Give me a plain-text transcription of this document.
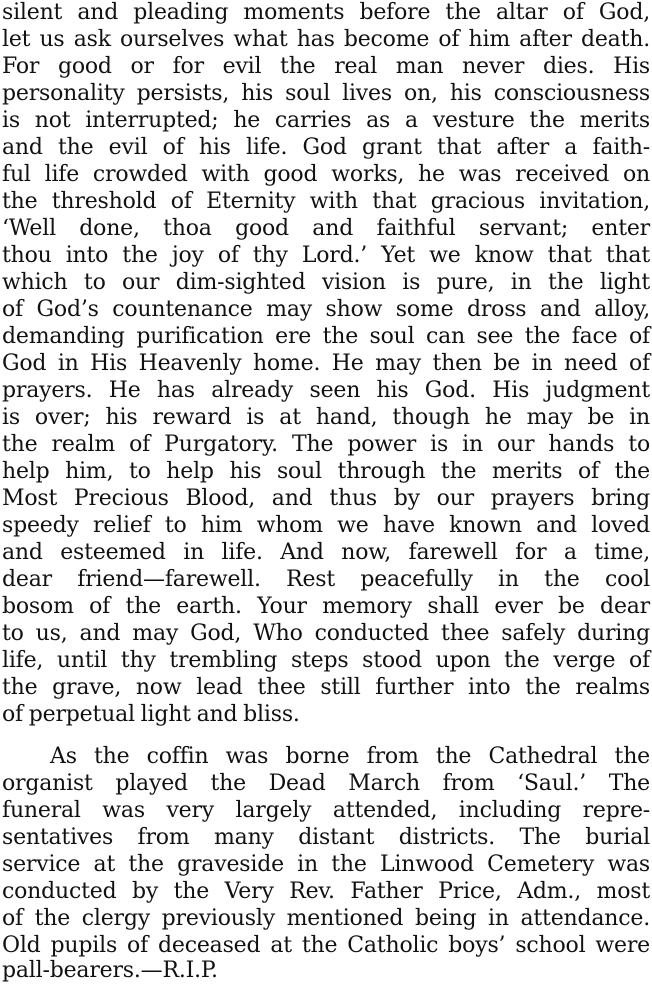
silent and pleading moments before the altar of God,
let us ask ourselves what has become of him after death.
For good or for evil the real man never dies. His
personality persists, his soul lives on, his consciousness
is not interrupted; he carries as a vesture the merits
and the evil of his life. God grant that after a faith-
ful life crowded with good works, he was received on
the threshold of Eternity with that gracious invitation,
‘Well done, thoa good and faithful servant; enter
thou into the joy of thy Lord.’ Yet we know that that
which to our dim-sighted vision is pure, in the light
of God’s countenance may show some dross and alloy,
demanding purification ere the soul can see the face of
God in His Heavenly home. He may then be in need of
prayers. He has already seen his God. His judgment
is over; his reward is at hand, though he may be in
the realm of Purgatory. The power is in our hands to
help him, to help his soul through the merits of the
Most Precious Blood, and thus by our prayers bring
speedy relief to him whom we have known and loved
and esteemed in life. And now, farewell for a time,
dear friend—farewell. Rest peacefully in the cool
bosom of the earth. Your memory shall ever be dear
to us, and may God, Who conducted thee safely during
life, until thy trembling steps stood upon the verge of
the grave, now lead thee still further into the realms
of perpetual light and bliss.
As the coffin was borne from the Cathedral the
organist played the Dead March from ‘Saul.’ The
funeral was very largely attended, including repre-
sentatives from many distant districts. The burial
service at the graveside in the Linwood Cemetery was
conducted by the Very Rev. Father Price, Adm., most
of the clergy previously mentioned being in attendance.
Old pupils of deceased at the Catholic boys’ school were
pall-bearers.—R.I.P.
